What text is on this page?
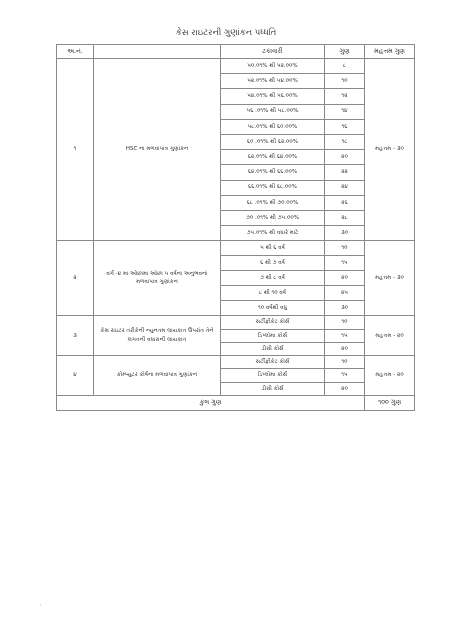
કેસ રાઇટરની ગુણાંકન પધ્ધતિ
અ.નં.		ટકાવારી	ગુણ	મહત્તમ ગુણ
૧	HSC ના મળવાપાત્ર ગુણાંકન	૫૦.૦૧% થી ૫૨.૦૦%	૮	મહત્તમ - ૩૦
		૫૨.૦૧% થી ૫૪.૦૦%	૧૦	
		૫૪.૦૧% થી ૫૬.૦૦%	૧૨	
		૫૬ .૦૧% થી ૫૮.૦૦%	૧૪	
		૫૮.૦૧% થી ૬૦.૦૦%	૧૬	
		૬૦ .૦૧% થી ૬૨.૦૦%	૧૮	
		૬૨.૦૧% થી ૬૪.૦૦%	૨૦	
		૬૪.૦૧% થી ૬૬.૦૦%	૨૨	
		૬૬.૦૧% થી ૬૮.૦૦%	૨૪	
		૬૮ .૦૧% થી ૭૦.૦૦%	૨૬	
		૭૦ .૦૧% થી ૭૫.૦૦%	૨૮	
		૭૫.૦૧% થી વધારે માટે	૩૦	
૨	વર્ગ -૪ મા ઓછામા ઓછા ૫ વર્ષના અનુભવનાં મળવાપાત્ર ગુણાંકન	૫ થી ૬ વર્ષ	૧૦	મહત્તમ - ૩૦
		૬ થી ૭ વર્ષ	૧૫	
		૭ થી ૮ વર્ષ	૨૦	
		૮ થી ૧૦ વર્ષ	૨૫	
		૧૦ વર્ષથી વધુ	૩૦	
૩	કેસ રાઇટર તરીકેની ન્યુનતમ લાયકાત ઉપરાંત તેને લગતની વધારાની લાયકાત	સર્ટીફીકેટ કોર્સ	૧૦	મહત્તમ - ૨૦
		ડિપ્લોમા કોર્સ	૧૫	
		ડીગ્રી કોર્સ	૨૦	
૪	કોમ્પ્યુટર કોર્ષના મળવાપાત્ર ગુણાંકન	સર્ટીફીકેટ કોર્સ	૧૦	મહત્તમ - ૨૦
		ડિપ્લોમા કોર્સ	૧૫	
		ડીગ્રી કોર્સ	૨૦	
કુલ ગુણ				૧૦૦ ગુણ
'
